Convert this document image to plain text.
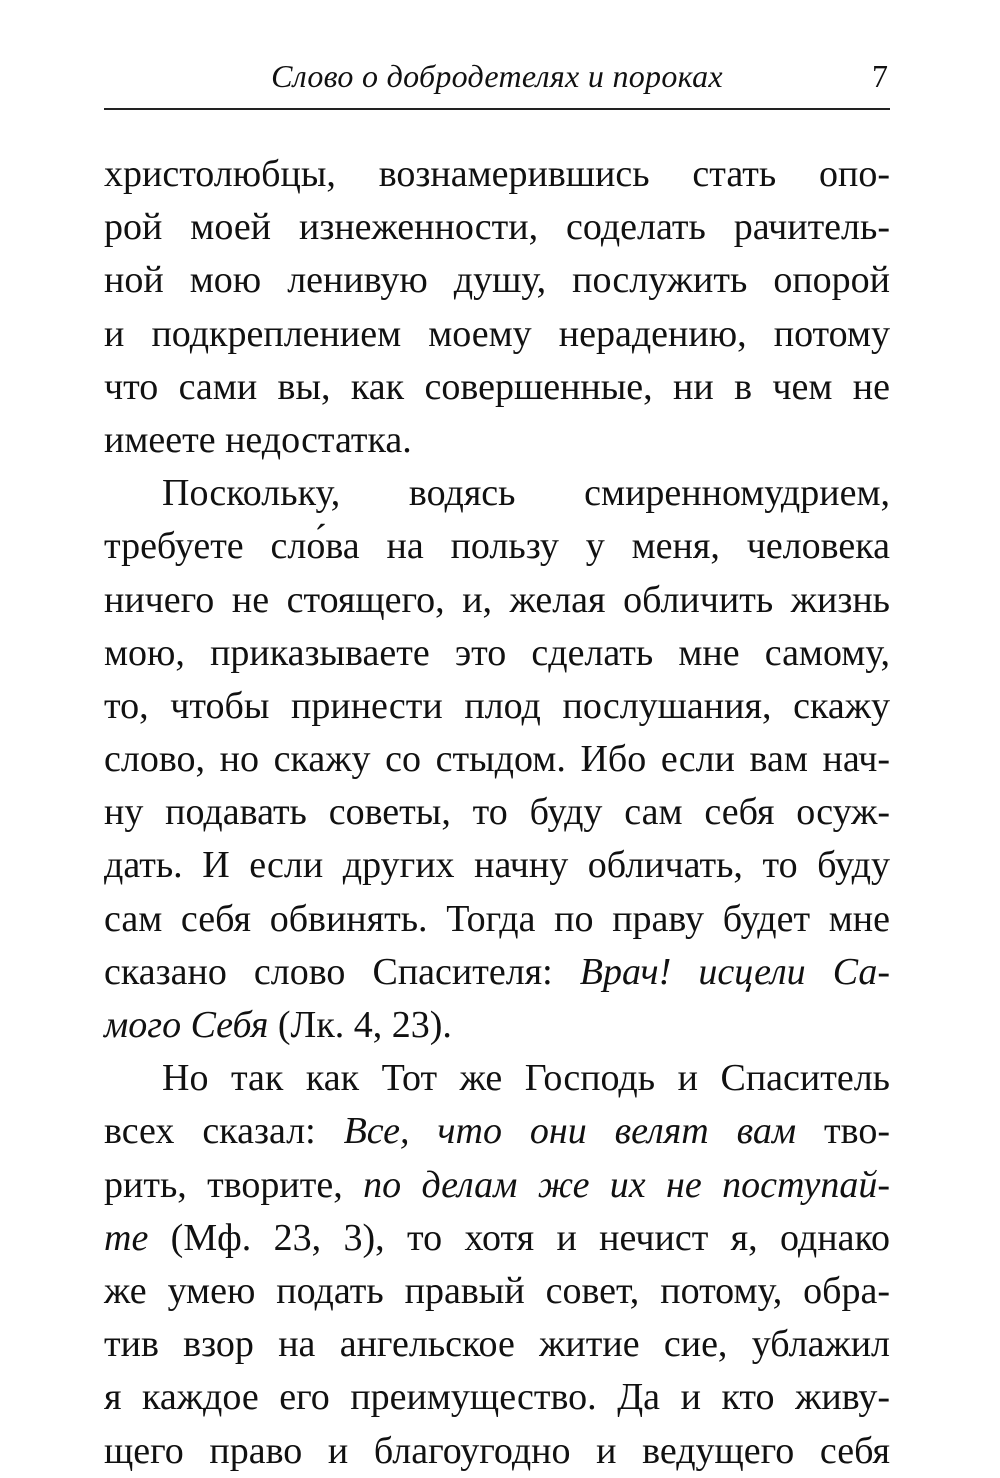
Слово о добродетелях и пороках	7
христолюбцы, вознамерившись стать опо-
рой моей изнеженности, соделать рачитель-
ной мою ленивую душу, послужить опорой
и подкреплением моему нерадению, потому
что сами вы, как совершенные, ни в чем не
имеете недостатка.
Поскольку, водясь смиренномудрием,
требуете сло́ва на пользу у меня, человека
ничего не стоящего, и, желая обличить жизнь
мою, приказываете это сделать мне самому,
то, чтобы принести плод послушания, скажу
слово, но скажу со стыдом. Ибо если вам нач-
ну подавать советы, то буду сам себя осуж-
дать. И если других начну обличать, то буду
сам себя обвинять. Тогда по праву будет мне
сказано слово Спасителя: Врач! исцели Са-
мого Себя (Лк. 4, 23).
Но так как Тот же Господь и Спаситель
всех сказал: Все, что они велят вам тво-
рить, творите, по делам же их не поступай-
те (Мф. 23, 3), то хотя и нечист я, однако
же умею подать правый совет, потому, обра-
тив взор на ангельское житие сие, ублажил
я каждое его преимущество. Да и кто живу-
щего право и благоугодно и ведущего себя
